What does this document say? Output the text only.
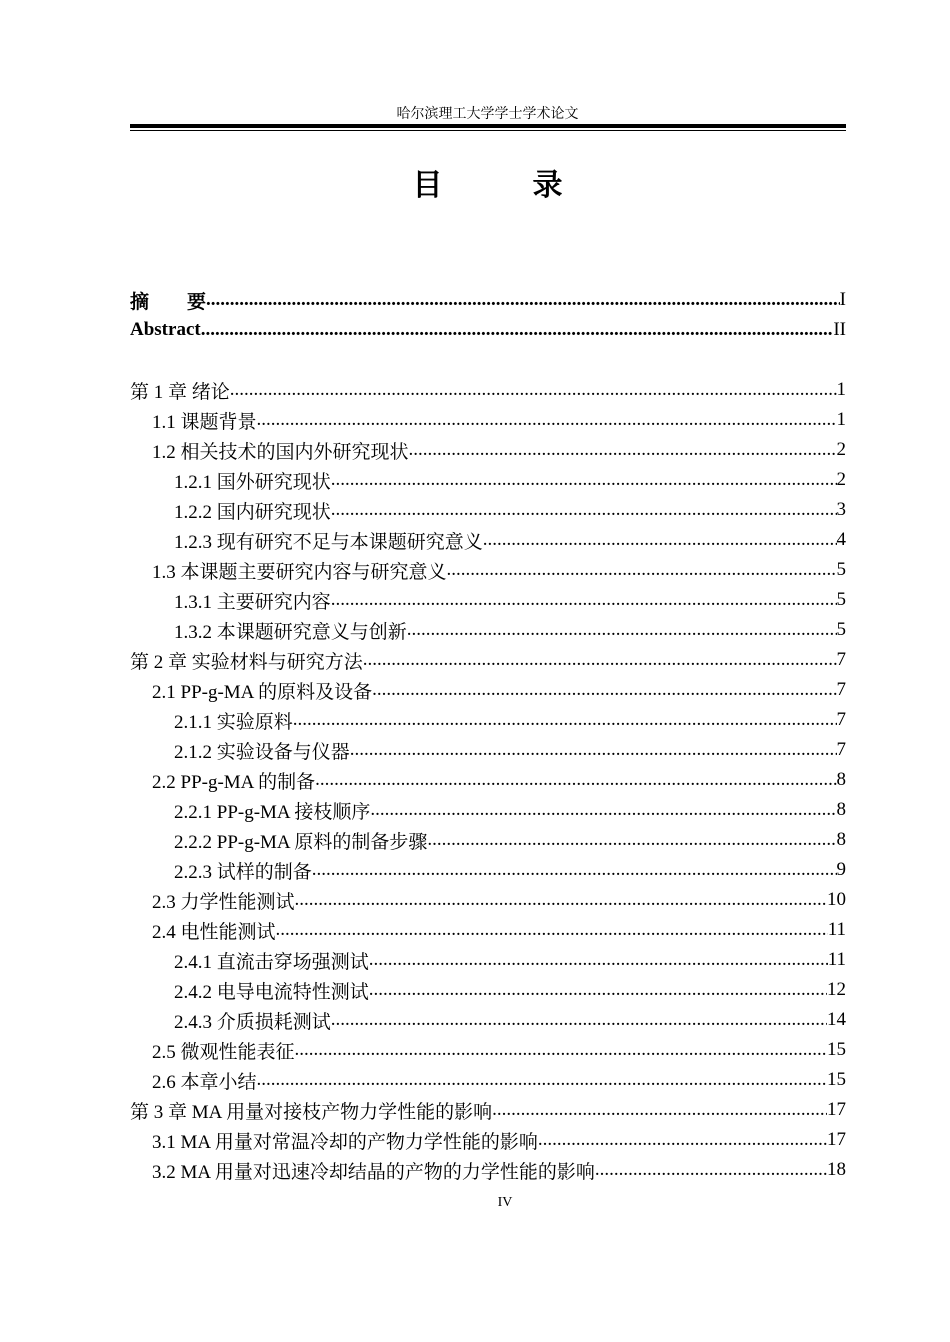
哈尔滨理工大学学士学术论文
目　录
摘　　要 .....	I
Abstract .....	II
第 1 章 绪论 .....	1
1.1 课题背景 .....	1
1.2 相关技术的国内外研究现状 .....	2
1.2.1 国外研究现状 .....	2
1.2.2 国内研究现状 .....	3
1.2.3 现有研究不足与本课题研究意义 .....	4
1.3 本课题主要研究内容与研究意义 .....	5
1.3.1 主要研究内容 .....	5
1.3.2 本课题研究意义与创新 .....	5
第 2 章 实验材料与研究方法 .....	7
2.1 PP-g-MA 的原料及设备 .....	7
2.1.1 实验原料 .....	7
2.1.2 实验设备与仪器 .....	7
2.2 PP-g-MA 的制备 .....	8
2.2.1 PP-g-MA 接枝顺序 .....	8
2.2.2 PP-g-MA 原料的制备步骤 .....	8
2.2.3 试样的制备 .....	9
2.3 力学性能测试 .....	10
2.4 电性能测试 .....	11
2.4.1 直流击穿场强测试 .....	11
2.4.2 电导电流特性测试 .....	12
2.4.3 介质损耗测试 .....	14
2.5 微观性能表征 .....	15
2.6 本章小结 .....	15
第 3 章 MA 用量对接枝产物力学性能的影响 .....	17
3.1 MA 用量对常温冷却的产物力学性能的影响 .....	17
3.2 MA 用量对迅速冷却结晶的产物的力学性能的影响 .....	18
IV
